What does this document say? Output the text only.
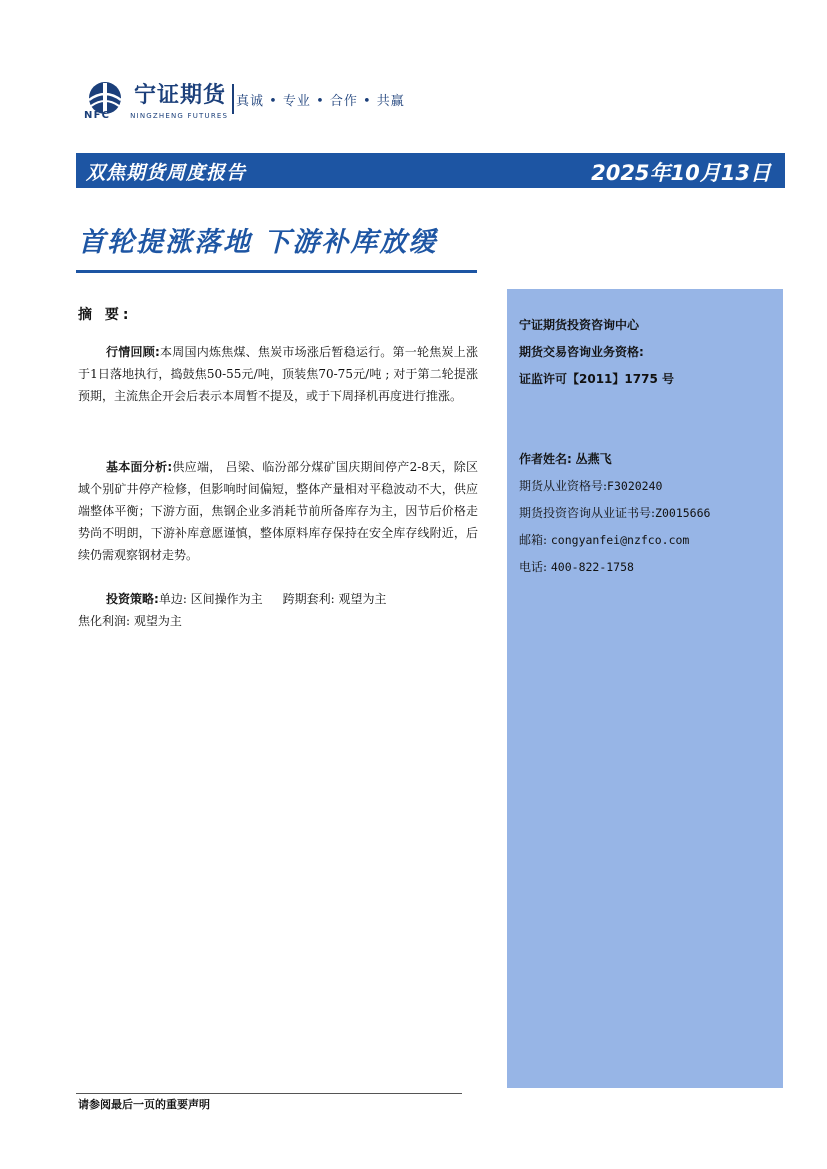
宁证期货
NFC	NINGZHENG FUTURES
真诚 • 专业 • 合作 • 共赢
双焦期货周度报告	2025年10月13日
首轮提涨落地 下游补库放缓
摘 要:
行情回顾:本周国内炼焦煤、焦炭市场涨后暂稳运行。第一轮焦炭上涨于1日落地执行，捣鼓焦50-55元/吨，顶装焦70-75元/吨 ; 对于第二轮提涨预期，主流焦企开会后表示本周暂不提及，或于下周择机再度进行推涨。
基本面分析:供应端， 吕梁、临汾部分煤矿国庆期间停产2-8天，除区域个别矿井停产检修，但影响时间偏短，整体产量相对平稳波动不大，供应端整体平衡；下游方面，焦钢企业多消耗节前所备库存为主，因节后价格走势尚不明朗，下游补库意愿谨慎，整体原料库存保持在安全库存线附近，后续仍需观察钢材走势。
投资策略:单边: 区间操作为主 跨期套利: 观望为主
焦化利润: 观望为主
宁证期货投资咨询中心
期货交易咨询业务资格:
证监许可【2011】1775 号
作者姓名: 丛燕飞
期货从业资格号:F3020240
期货投资咨询从业证书号:Z0015666
邮箱: congyanfei@nzfco.com
电话: 400-822-1758
请参阅最后一页的重要声明
